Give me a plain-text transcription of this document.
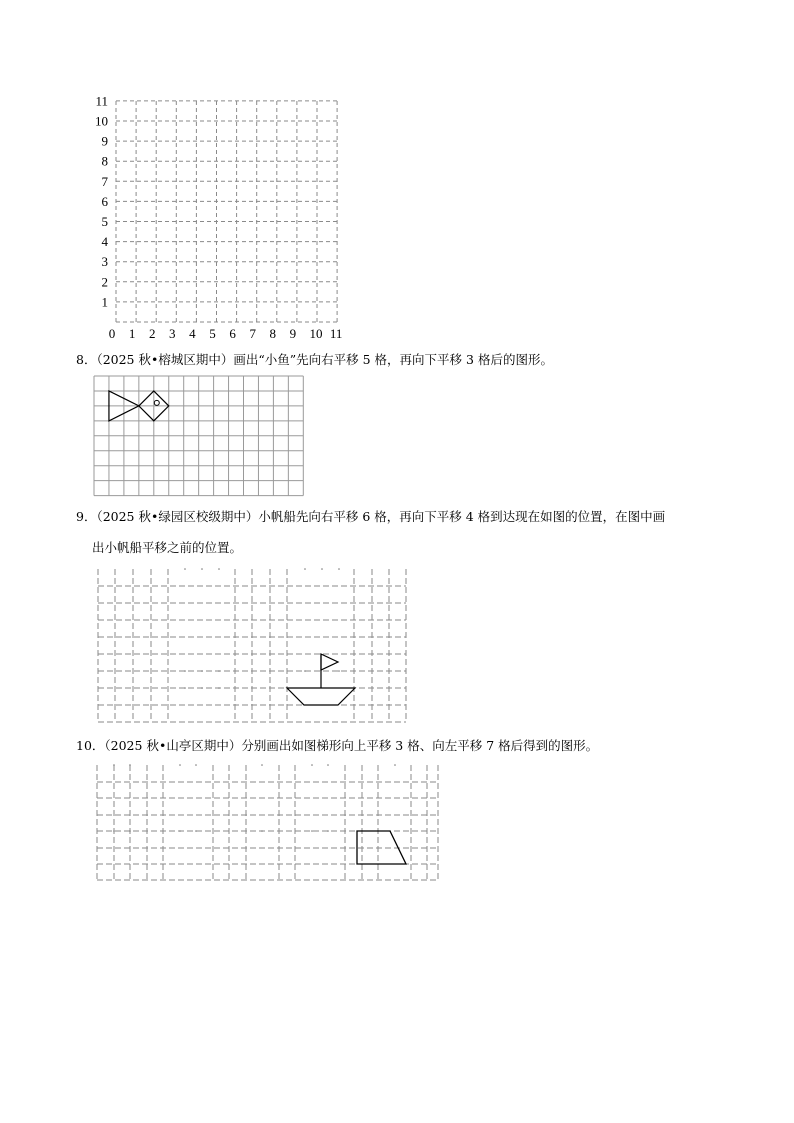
1
2
3
4
5
6
7
8
9
10
11
0 1 2 3 4 5 6 7 8 9 10 11
8．（2025 秋•榕城区期中）画出“小鱼”先向右平移 5 格，再向下平移 3 格后的图形。
9．（2025 秋•绿园区校级期中）小帆船先向右平移 6 格，再向下平移 4 格到达现在如图的位置，在图中画
出小帆船平移之前的位置。
10．（2025 秋•山亭区期中）分别画出如图梯形向上平移 3 格、向左平移 7 格后得到的图形。
